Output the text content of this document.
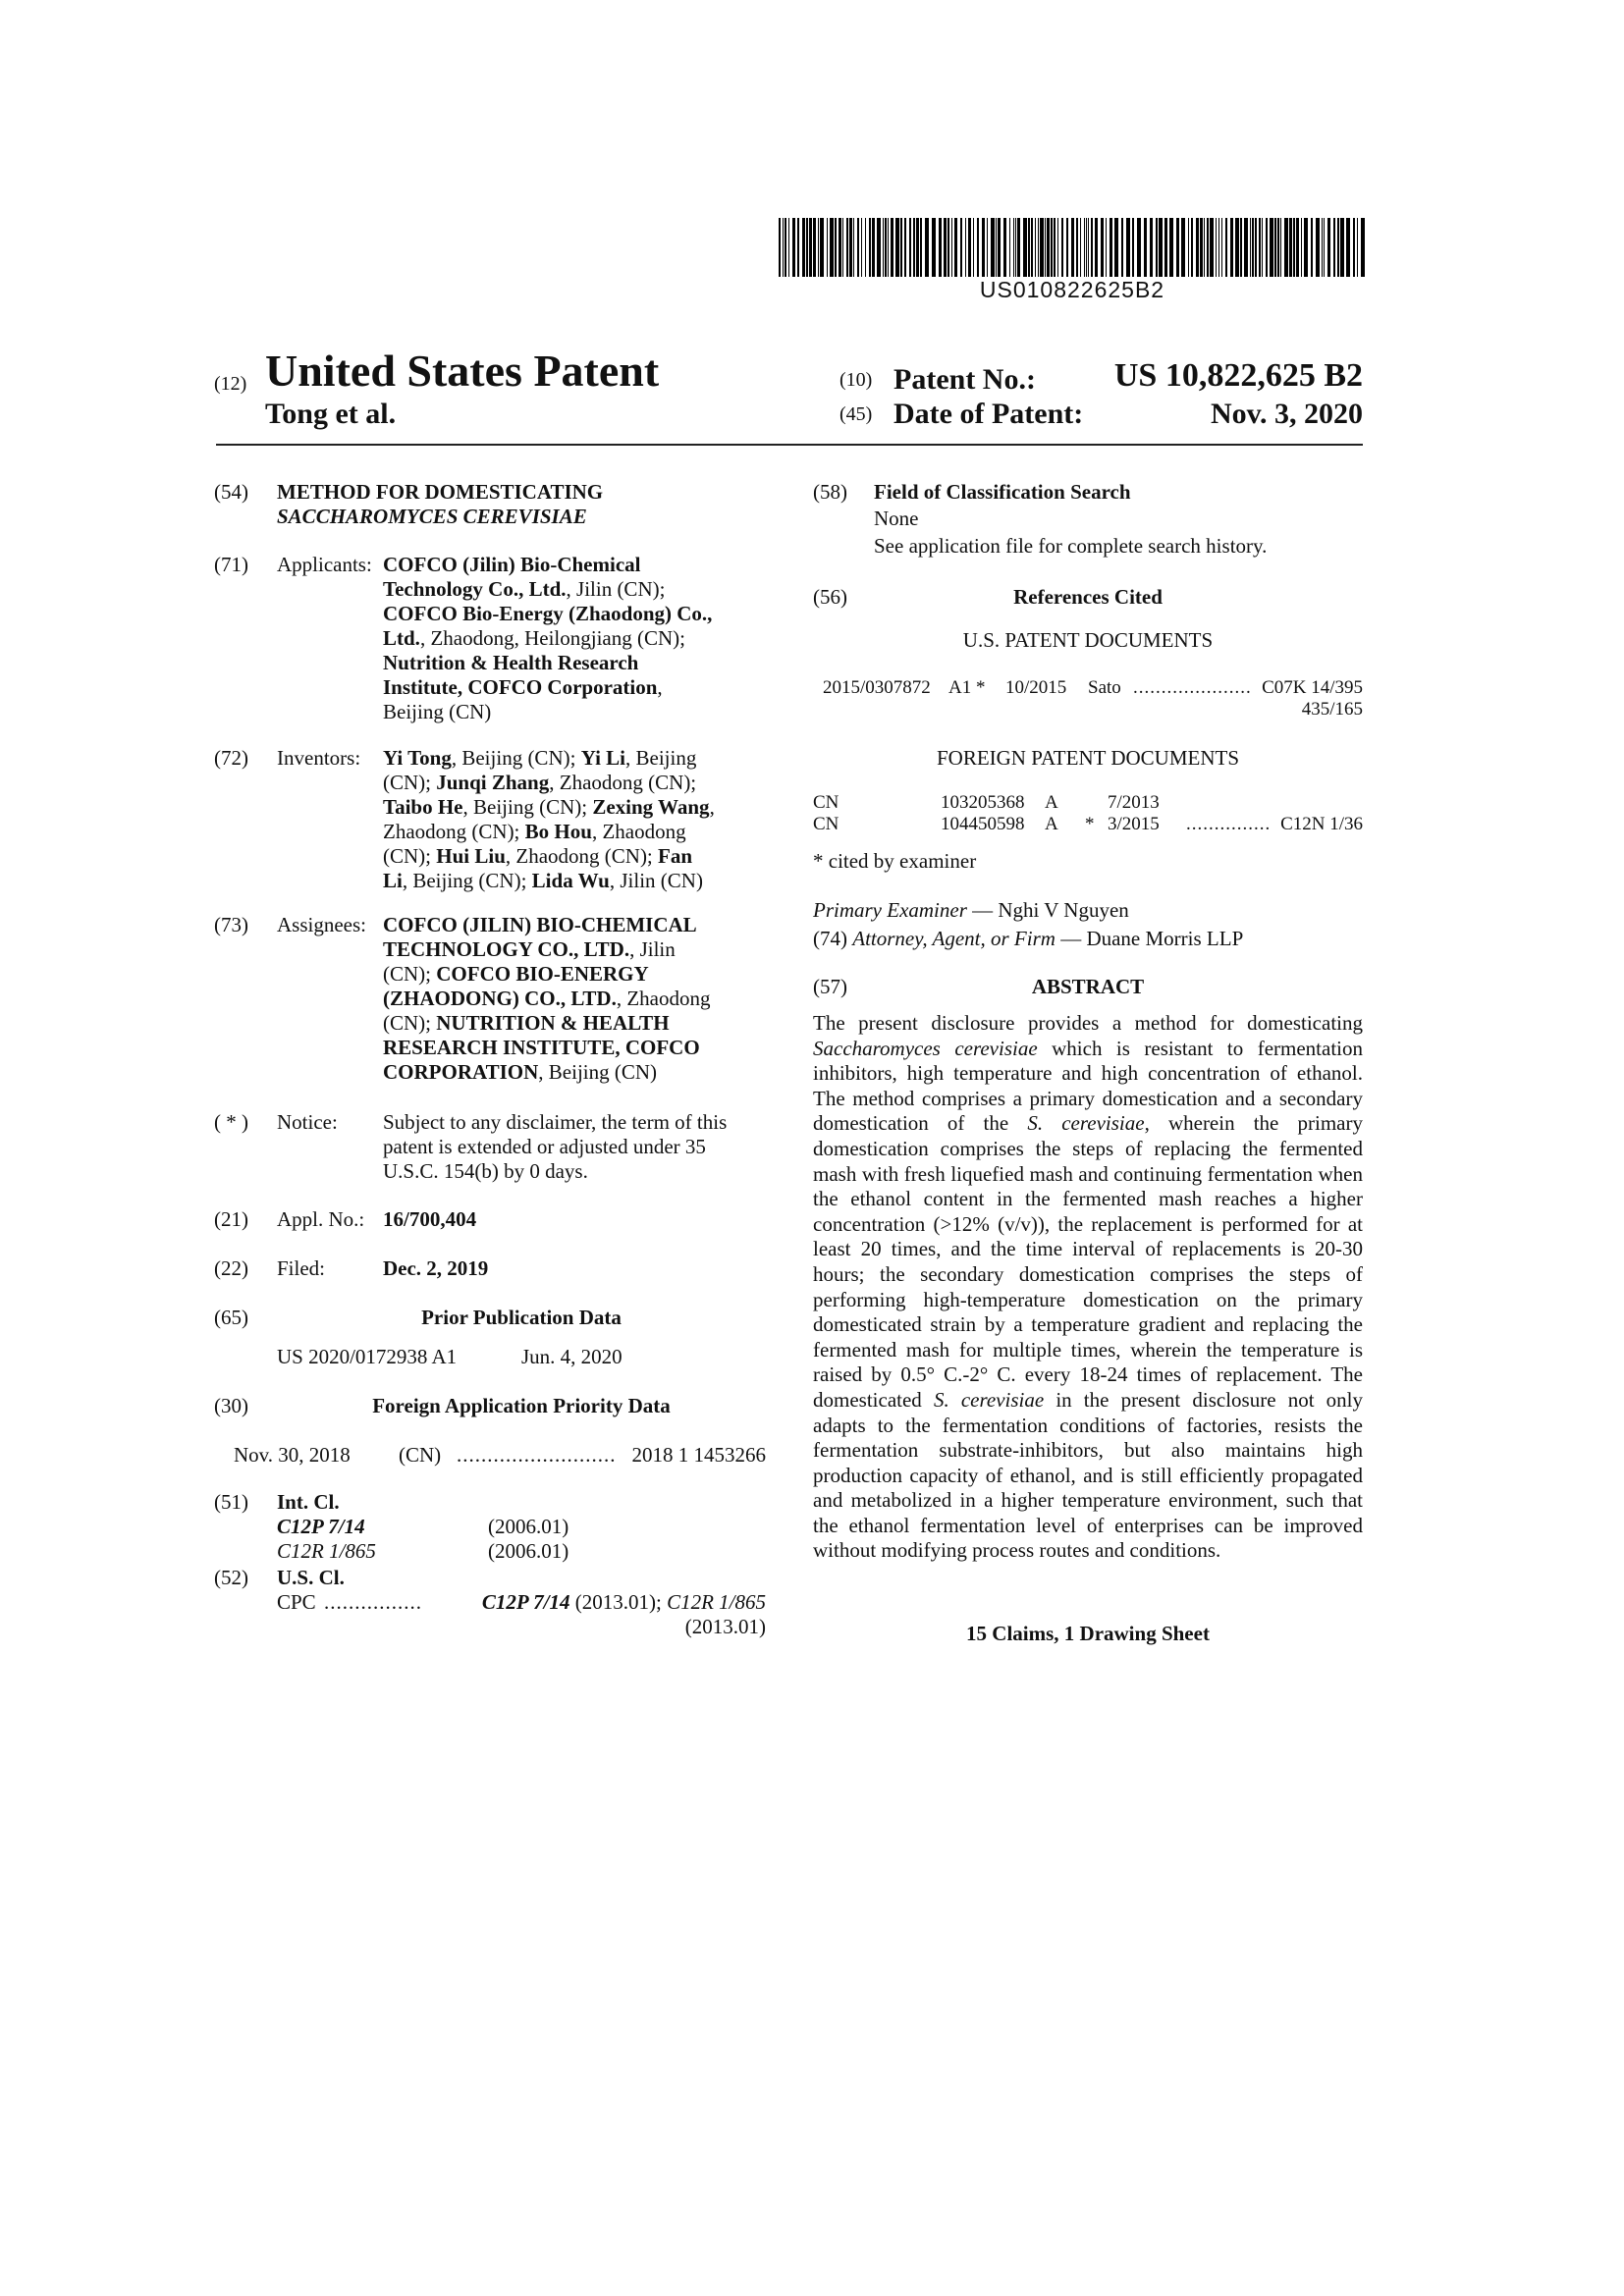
US010822625B2
(12) United States Patent
Tong et al.
(10) Patent No.:	US 10,822,625 B2
(45) Date of Patent:	Nov. 3, 2020
(54) METHOD FOR DOMESTICATING
SACCHAROMYCES CEREVISIAE
(71) Applicants: COFCO (Jilin) Bio-Chemical
Technology Co., Ltd., Jilin (CN);
COFCO Bio-Energy (Zhaodong) Co.,
Ltd., Zhaodong, Heilongjiang (CN);
Nutrition & Health Research
Institute, COFCO Corporation,
Beijing (CN)
(72) Inventors: Yi Tong, Beijing (CN); Yi Li, Beijing
(CN); Junqi Zhang, Zhaodong (CN);
Taibo He, Beijing (CN); Zexing Wang,
Zhaodong (CN); Bo Hou, Zhaodong
(CN); Hui Liu, Zhaodong (CN); Fan
Li, Beijing (CN); Lida Wu, Jilin (CN)
(73) Assignees: COFCO (JILIN) BIO-CHEMICAL
TECHNOLOGY CO., LTD., Jilin
(CN); COFCO BIO-ENERGY
(ZHAODONG) CO., LTD., Zhaodong
(CN); NUTRITION & HEALTH
RESEARCH INSTITUTE, COFCO
CORPORATION, Beijing (CN)
( * ) Notice: Subject to any disclaimer, the term of this
patent is extended or adjusted under 35
U.S.C. 154(b) by 0 days.
(21) Appl. No.: 16/700,404
(22) Filed:	Dec. 2, 2019
(65)	Prior Publication Data
US 2020/0172938 A1	Jun. 4, 2020
(30)	Foreign Application Priority Data
Nov. 30, 2018 (CN) .......................... 2018 1 1453266
(51) Int. Cl.
C12P 7/14	(2006.01)
C12R 1/865	(2006.01)
(52) U.S. Cl.
CPC ................	C12P 7/14 (2013.01); C12R 1/865
(2013.01)
(58) Field of Classification Search
None
See application file for complete search history.
(56)	References Cited
U.S. PATENT DOCUMENTS
2015/0307872 A1 * 10/2015 Sato ..................... C07K 14/395
435/165
FOREIGN PATENT DOCUMENTS
CN	103205368 A	7/2013
CN	104450598 A * 3/2015 ............... C12N 1/36
* cited by examiner
Primary Examiner — Nghi V Nguyen
(74) Attorney, Agent, or Firm — Duane Morris LLP
(57)	ABSTRACT
The present disclosure provides a method for domesticating Saccharomyces cerevisiae which is resistant to fermentation inhibitors, high temperature and high concentration of ethanol. The method comprises a primary domestication and a secondary domestication of the S. cerevisiae, wherein the primary domestication comprises the steps of replacing the fermented mash with fresh liquefied mash and continuing fermentation when the ethanol content in the fermented mash reaches a higher concentration (>12% (v/v)), the replacement is performed for at least 20 times, and the time interval of replacements is 20-30 hours; the secondary domestication comprises the steps of performing high-temperature domestication on the primary domesticated strain by a temperature gradient and replacing the fermented mash for multiple times, wherein the temperature is raised by 0.5° C.-2° C. every 18-24 times of replacement. The domesticated S. cerevisiae in the present disclosure not only adapts to the fermentation conditions of factories, resists the fermentation substrate-inhibitors, but also maintains high production capacity of ethanol, and is still efficiently propagated and metabolized in a higher temperature environment, such that the ethanol fermentation level of enterprises can be improved without modifying process routes and conditions.
15 Claims, 1 Drawing Sheet
